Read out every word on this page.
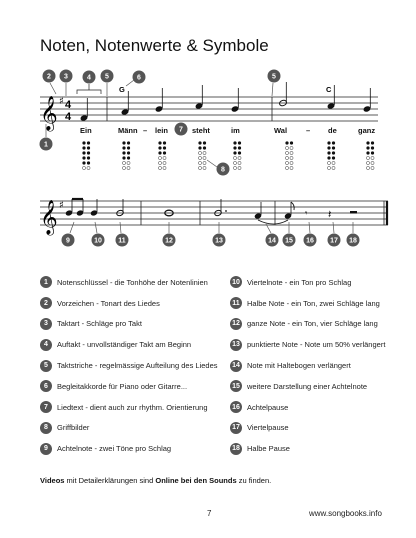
Noten, Notenwerte & Symbole
𝄞 ♯ 4
4
G	C
Ein	Männ – lein	steht	im	Wal	– de	ganz
1
2 3	4 5	6
7
8
5
𝄞 ♯
𝄾 𝄽
9	10 11	12	13	14 15 16 17 18
1	Notenschlüssel - die Tonhöhe der Notenlinien
2	Vorzeichen - Tonart des Liedes
3	Taktart - Schläge pro Takt
4	Auftakt - unvollständiger Takt am Beginn
5	Taktstriche - regelmässige Aufteilung des Liedes
6	Begleitakkorde für Piano oder Gitarre...
7	Liedtext - dient auch zur rhythm. Orientierung
8	Griffbilder
9	Achtelnote - zwei Töne pro Schlag
10 Viertelnote - ein Ton pro Schlag
11 Halbe Note - ein Ton, zwei Schläge lang
12 ganze Note - ein Ton, vier Schläge lang
13 punktierte Note - Note um 50% verlängert
14 Note mit Haltebogen verlängert
15 weitere Darstellung einer Achtelnote
16 Achtelpause
17 Viertelpause
18 Halbe Pause
Videos mit Detailerklärungen sind Online bei den Sounds zu finden.
7	www.songbooks.info
